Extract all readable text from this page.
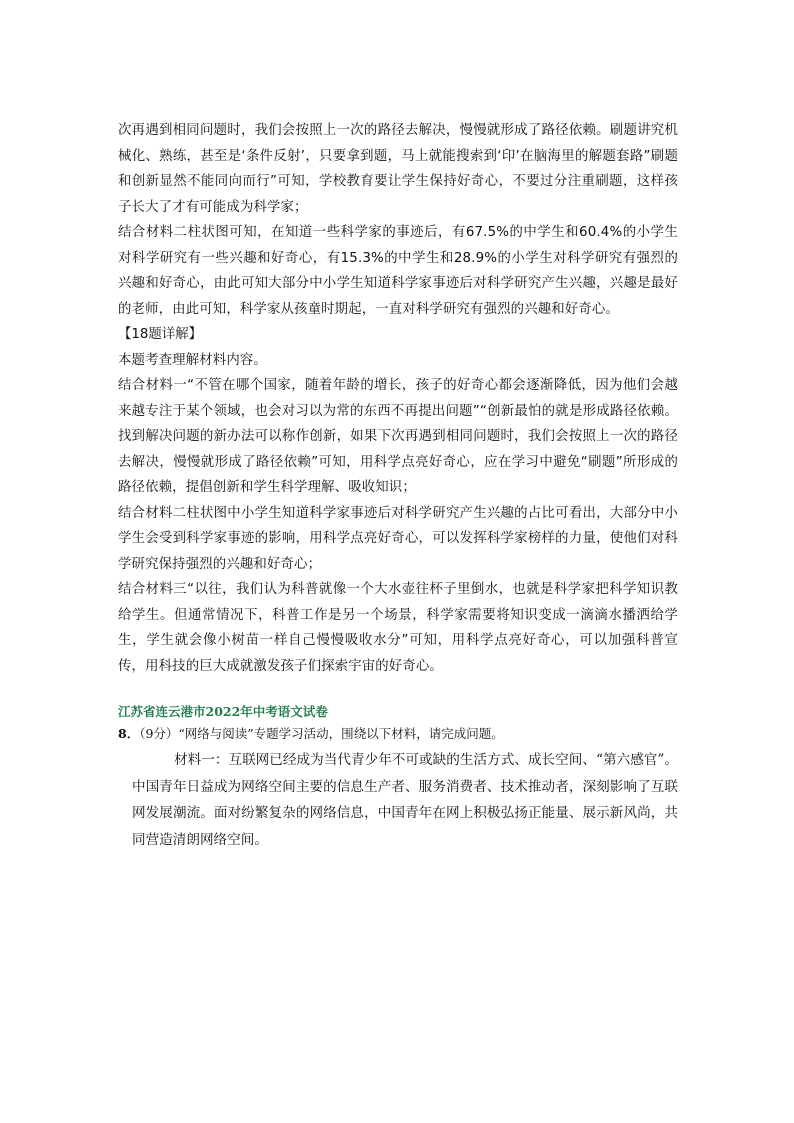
次再遇到相同问题时，我们会按照上一次的路径去解决，慢慢就形成了路径依赖。刷题讲究机械化、熟练，甚至是‘条件反射’，只要拿到题，马上就能搜索到‘印’在脑海里的解题套路”刷题和创新显然不能同向而行”可知，学校教育要让学生保持好奇心，不要过分注重刷题，这样孩子长大了才有可能成为科学家；

结合材料二柱状图可知，在知道一些科学家的事迹后，有67.5%的中学生和60.4%的小学生对科学研究有一些兴趣和好奇心，有15.3%的中学生和28.9%的小学生对科学研究有强烈的兴趣和好奇心，由此可知大部分中小学生知道科学家事迹后对科学研究产生兴趣，兴趣是最好的老师，由此可知，科学家从孩童时期起，一直对科学研究有强烈的兴趣和好奇心。

【18题详解】

本题考查理解材料内容。

结合材料一“不管在哪个国家，随着年龄的增长，孩子的好奇心都会逐渐降低，因为他们会越来越专注于某个领域，也会对习以为常的东西不再提出问题”“创新最怕的就是形成路径依赖。找到解决问题的新办法可以称作创新，如果下次再遇到相同问题时，我们会按照上一次的路径去解决，慢慢就形成了路径依赖”可知，用科学点亮好奇心，应在学习中避免“刷题”所形成的路径依赖，提倡创新和学生科学理解、吸收知识；

结合材料二柱状图中小学生知道科学家事迹后对科学研究产生兴趣的占比可看出，大部分中小学生会受到科学家事迹的影响，用科学点亮好奇心，可以发挥科学家榜样的力量，使他们对科学研究保持强烈的兴趣和好奇心；

结合材料三“以往，我们认为科普就像一个大水壶往杯子里倒水，也就是科学家把科学知识教给学生。但通常情况下，科普工作是另一个场景，科学家需要将知识变成一滴滴水播洒给学生，学生就会像小树苗一样自己慢慢吸收水分”可知，用科学点亮好奇心，可以加强科普宣传，用科技的巨大成就激发孩子们探索宇宙的好奇心。

江苏省连云港市2022年中考语文试卷

8．（9分）“网络与阅读”专题学习活动，围绕以下材料，请完成问题。

材料一：互联网已经成为当代青少年不可或缺的生活方式、成长空间、“第六感官”。中国青年日益成为网络空间主要的信息生产者、服务消费者、技术推动者，深刻影响了互联网发展潮流。面对纷繁复杂的网络信息，中国青年在网上积极弘扬正能量、展示新风尚，共同营造清朗网络空间。
